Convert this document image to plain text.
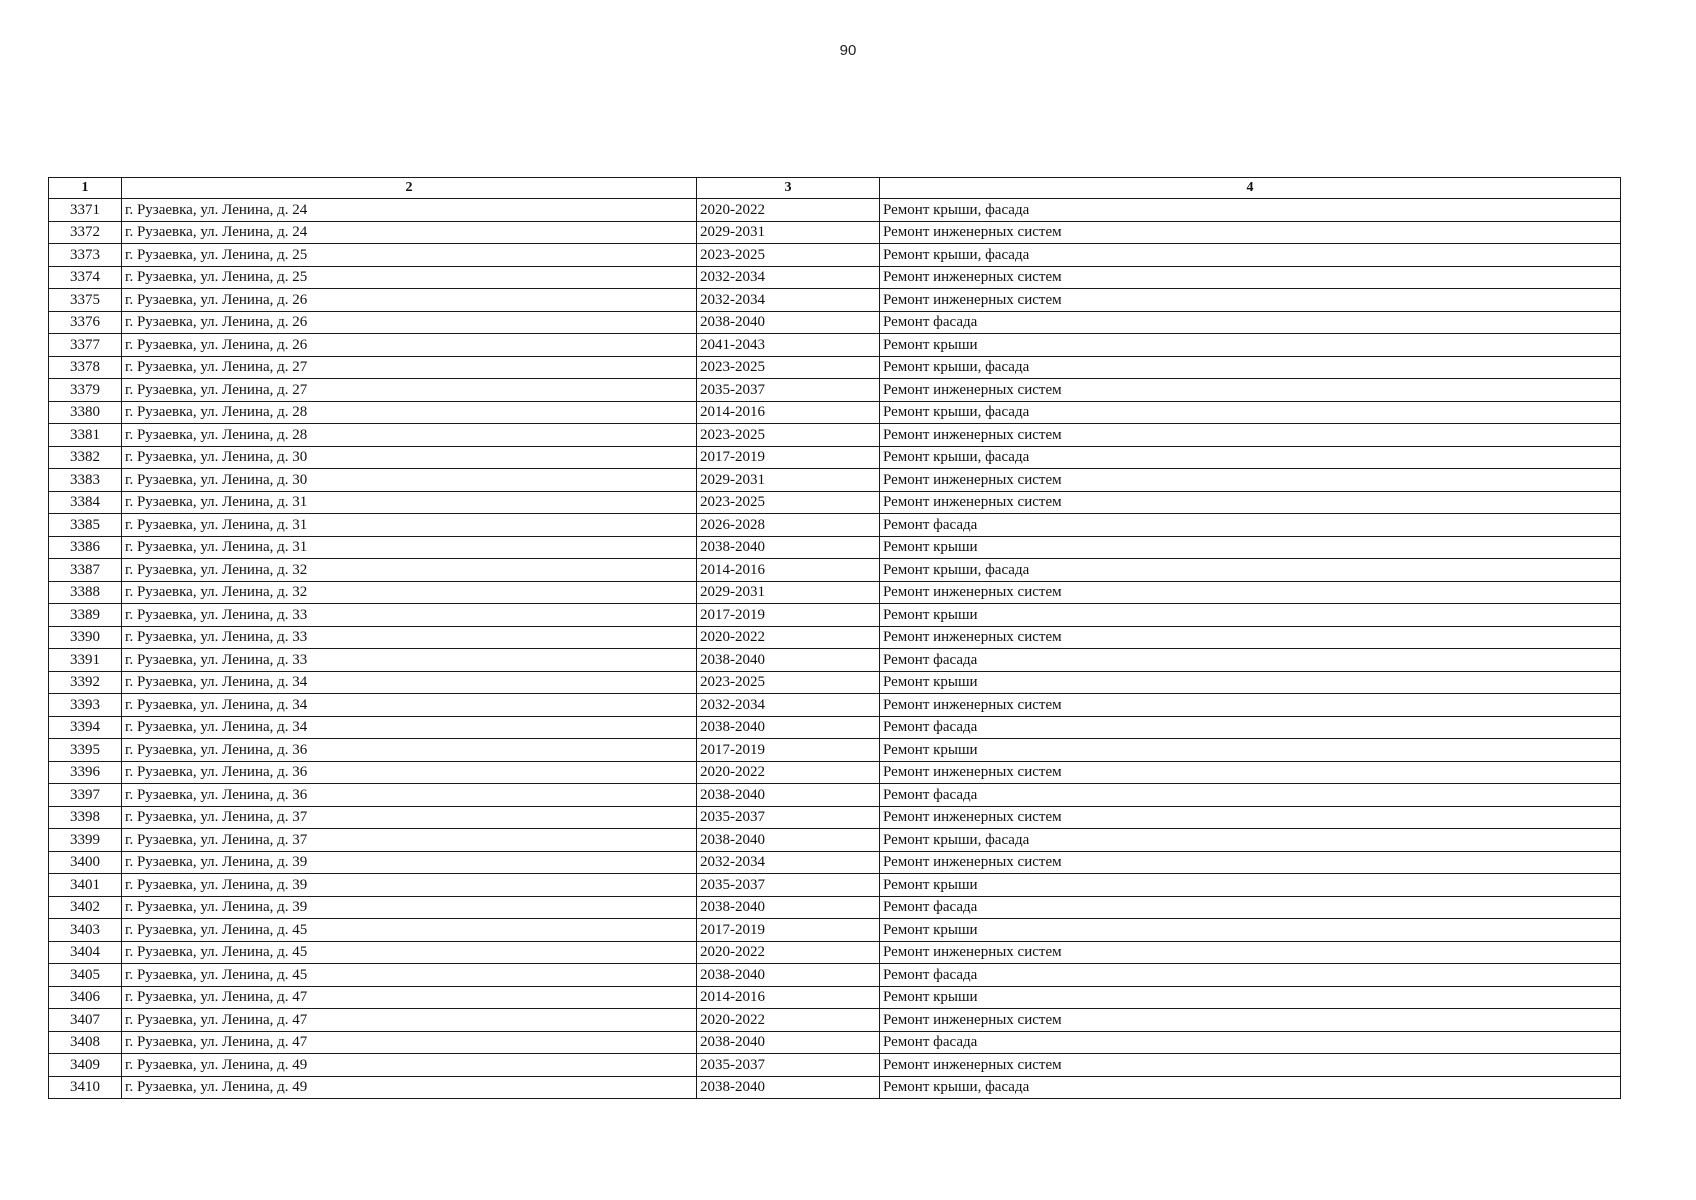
90
1	2	3	4
3371	г. Рузаевка, ул. Ленина, д. 24	2020-2022	Ремонт крыши, фасада
3372	г. Рузаевка, ул. Ленина, д. 24	2029-2031	Ремонт инженерных систем
3373	г. Рузаевка, ул. Ленина, д. 25	2023-2025	Ремонт крыши, фасада
3374	г. Рузаевка, ул. Ленина, д. 25	2032-2034	Ремонт инженерных систем
3375	г. Рузаевка, ул. Ленина, д. 26	2032-2034	Ремонт инженерных систем
3376	г. Рузаевка, ул. Ленина, д. 26	2038-2040	Ремонт фасада
3377	г. Рузаевка, ул. Ленина, д. 26	2041-2043	Ремонт крыши
3378	г. Рузаевка, ул. Ленина, д. 27	2023-2025	Ремонт крыши, фасада
3379	г. Рузаевка, ул. Ленина, д. 27	2035-2037	Ремонт инженерных систем
3380	г. Рузаевка, ул. Ленина, д. 28	2014-2016	Ремонт крыши, фасада
3381	г. Рузаевка, ул. Ленина, д. 28	2023-2025	Ремонт инженерных систем
3382	г. Рузаевка, ул. Ленина, д. 30	2017-2019	Ремонт крыши, фасада
3383	г. Рузаевка, ул. Ленина, д. 30	2029-2031	Ремонт инженерных систем
3384	г. Рузаевка, ул. Ленина, д. 31	2023-2025	Ремонт инженерных систем
3385	г. Рузаевка, ул. Ленина, д. 31	2026-2028	Ремонт фасада
3386	г. Рузаевка, ул. Ленина, д. 31	2038-2040	Ремонт крыши
3387	г. Рузаевка, ул. Ленина, д. 32	2014-2016	Ремонт крыши, фасада
3388	г. Рузаевка, ул. Ленина, д. 32	2029-2031	Ремонт инженерных систем
3389	г. Рузаевка, ул. Ленина, д. 33	2017-2019	Ремонт крыши
3390	г. Рузаевка, ул. Ленина, д. 33	2020-2022	Ремонт инженерных систем
3391	г. Рузаевка, ул. Ленина, д. 33	2038-2040	Ремонт фасада
3392	г. Рузаевка, ул. Ленина, д. 34	2023-2025	Ремонт крыши
3393	г. Рузаевка, ул. Ленина, д. 34	2032-2034	Ремонт инженерных систем
3394	г. Рузаевка, ул. Ленина, д. 34	2038-2040	Ремонт фасада
3395	г. Рузаевка, ул. Ленина, д. 36	2017-2019	Ремонт крыши
3396	г. Рузаевка, ул. Ленина, д. 36	2020-2022	Ремонт инженерных систем
3397	г. Рузаевка, ул. Ленина, д. 36	2038-2040	Ремонт фасада
3398	г. Рузаевка, ул. Ленина, д. 37	2035-2037	Ремонт инженерных систем
3399	г. Рузаевка, ул. Ленина, д. 37	2038-2040	Ремонт крыши, фасада
3400	г. Рузаевка, ул. Ленина, д. 39	2032-2034	Ремонт инженерных систем
3401	г. Рузаевка, ул. Ленина, д. 39	2035-2037	Ремонт крыши
3402	г. Рузаевка, ул. Ленина, д. 39	2038-2040	Ремонт фасада
3403	г. Рузаевка, ул. Ленина, д. 45	2017-2019	Ремонт крыши
3404	г. Рузаевка, ул. Ленина, д. 45	2020-2022	Ремонт инженерных систем
3405	г. Рузаевка, ул. Ленина, д. 45	2038-2040	Ремонт фасада
3406	г. Рузаевка, ул. Ленина, д. 47	2014-2016	Ремонт крыши
3407	г. Рузаевка, ул. Ленина, д. 47	2020-2022	Ремонт инженерных систем
3408	г. Рузаевка, ул. Ленина, д. 47	2038-2040	Ремонт фасада
3409	г. Рузаевка, ул. Ленина, д. 49	2035-2037	Ремонт инженерных систем
3410	г. Рузаевка, ул. Ленина, д. 49	2038-2040	Ремонт крыши, фасада
